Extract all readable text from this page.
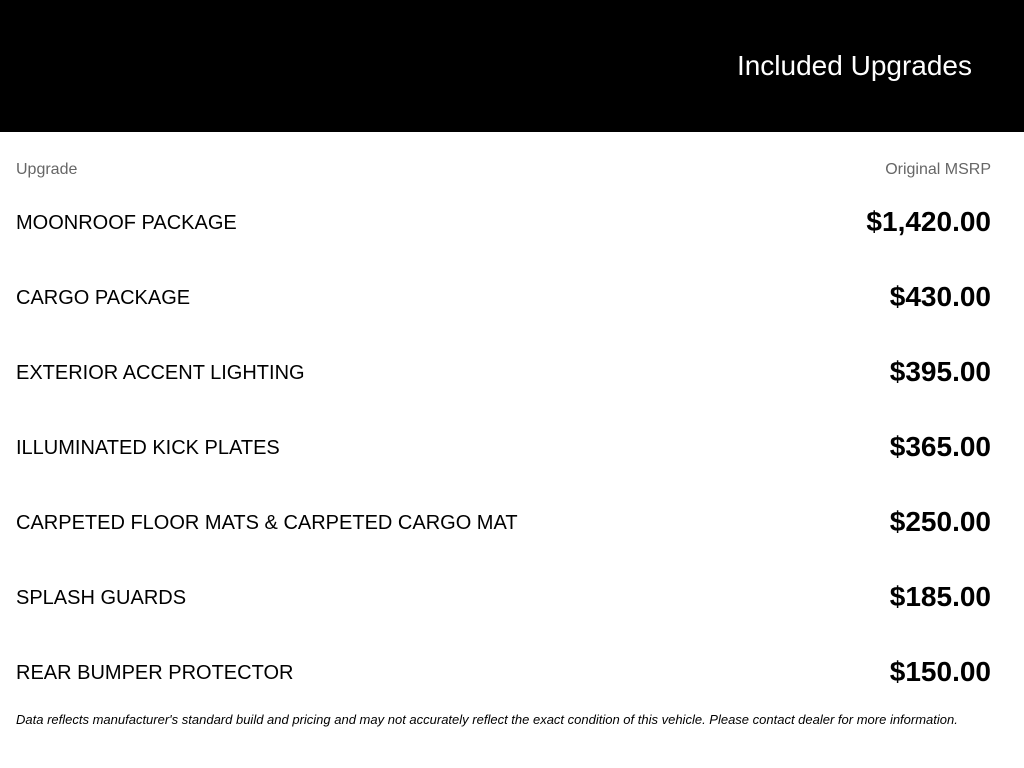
Included Upgrades
Upgrade	Original MSRP
MOONROOF PACKAGE	$1,420.00
CARGO PACKAGE	$430.00
EXTERIOR ACCENT LIGHTING	$395.00
ILLUMINATED KICK PLATES	$365.00
CARPETED FLOOR MATS & CARPETED CARGO MAT	$250.00
SPLASH GUARDS	$185.00
REAR BUMPER PROTECTOR	$150.00
Data reflects manufacturer's standard build and pricing and may not accurately reflect the exact condition of this vehicle. Please contact dealer for more information.
